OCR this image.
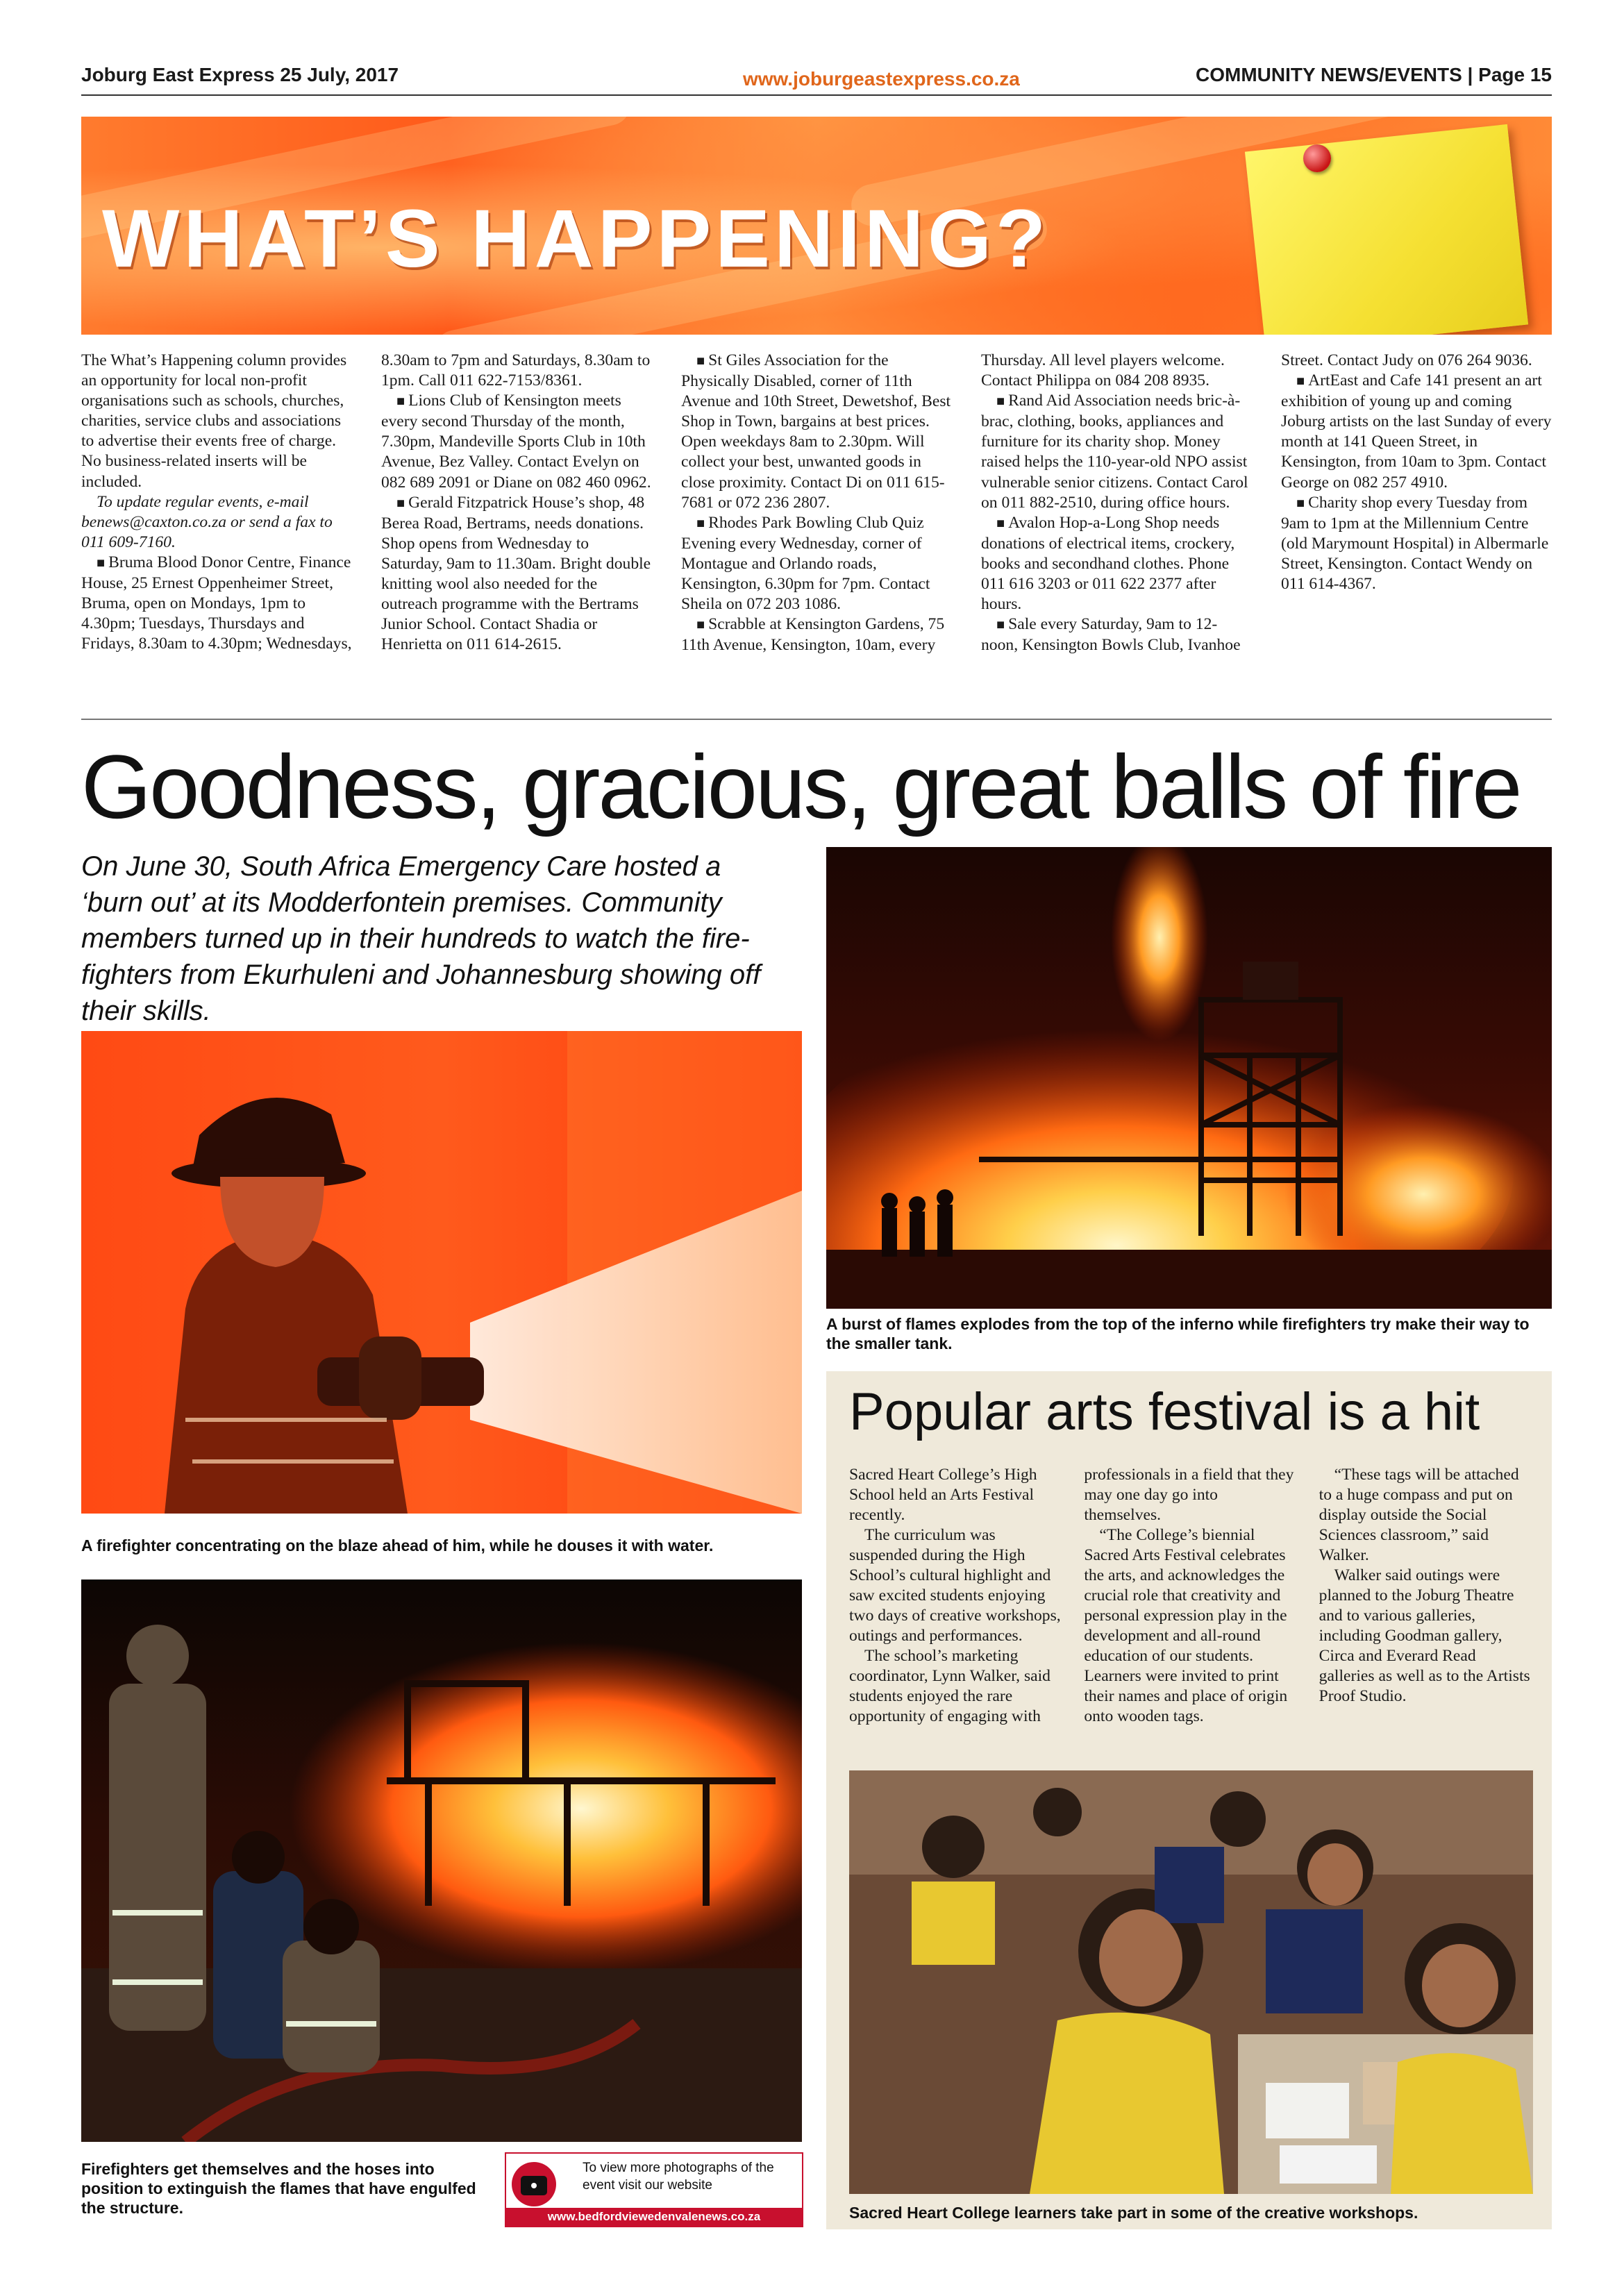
Joburg East Express 25 July, 2017	www.joburgeastexpress.co.za	COMMUNITY NEWS/EVENTS | Page 15
WHAT’S HAPPENING?

The What’s Happening column provides an opportunity for local non-profit organisations such as schools, churches, charities, service clubs and associations to advertise their events free of charge. No business-related inserts will be included.

To update regular events, e-mail benews@caxton.co.za or send a fax to 011 609-7160.

■ Bruma Blood Donor Centre, Finance House, 25 Ernest Oppenheimer Street, Bruma, open on Mondays, 1pm to 4.30pm; Tuesdays, Thursdays and Fridays, 8.30am to 4.30pm; Wednesdays, 8.30am to 7pm and Saturdays, 8.30am to 1pm. Call 011 622-7153/8361.

■ Lions Club of Kensington meets every second Thursday of the month, 7.30pm, Mandeville Sports Club in 10th Avenue, Bez Valley. Contact Evelyn on 082 689 2091 or Diane on 082 460 0962.

■ Gerald Fitzpatrick House’s shop, 48 Berea Road, Bertrams, needs donations. Shop opens from Wednesday to Saturday, 9am to 11.30am. Bright double knitting wool also needed for the outreach programme with the Bertrams Junior School. Contact Shadia or Henrietta on 011 614-2615.

■ St Giles Association for the Physically Disabled, corner of 11th Avenue and 10th Street, Dewetshof, Best Shop in Town, bargains at best prices. Open weekdays 8am to 2.30pm. Will collect your best, unwanted goods in close proximity. Contact Di on 011 615-7681 or 072 236 2807.

■ Rhodes Park Bowling Club Quiz Evening every Wednesday, corner of Montague and Orlando roads, Kensington, 6.30pm for 7pm. Contact Sheila on 072 203 1086.

■ Scrabble at Kensington Gardens, 75 11th Avenue, Kensington, 10am, every Thursday. All level players welcome. Contact Philippa on 084 208 8935.

■ Rand Aid Association needs bric-à-brac, clothing, books, appliances and furniture for its charity shop. Money raised helps the 110-year-old NPO assist vulnerable senior citizens. Contact Carol on 011 882-2510, during office hours.

■ Avalon Hop-a-Long Shop needs donations of electrical items, crockery, books and secondhand clothes. Phone 011 616 3203 or 011 622 2377 after hours.

■ Sale every Saturday, 9am to 12-noon, Kensington Bowls Club, Ivanhoe Street. Contact Judy on 076 264 9036.

■ ArtEast and Cafe 141 present an art exhibition of young up and coming Joburg artists on the last Sunday of every month at 141 Queen Street, in Kensington, from 10am to 3pm. Contact George on 082 257 4910.

■ Charity shop every Tuesday from 9am to 1pm at the Millennium Centre (old Marymount Hospital) in Albermarle Street, Kensington. Contact Wendy on 011 614-4367.

Goodness, gracious, great balls of fire
On June 30, South Africa Emergency Care hosted a ‘burn out’ at its Modderfontein premises. Community members turned up in their hundreds to watch the fire-fighters from Ekurhuleni and Johannesburg showing off their skills.
A burst of flames explodes from the top of the inferno while firefighters try make their way to the smaller tank.
A firefighter concentrating on the blaze ahead of him, while he douses it with water.
Firefighters get themselves and the hoses into position to extinguish the flames that have engulfed the structure.
To view more photographs of the event visit our website
www.bedfordviewedenvalenews.co.za
Popular arts festival is a hit

Sacred Heart College’s High School held an Arts Festival recently.

The curriculum was suspended during the High School’s cultural highlight and saw excited students enjoying two days of creative workshops, outings and performances.

The school’s marketing coordinator, Lynn Walker, said students enjoyed the rare opportunity of engaging with professionals in a field that they may one day go into themselves.

“The College’s biennial Sacred Arts Festival celebrates the arts, and acknowledges the crucial role that creativity and personal expression play in the development and all-round education of our students. Learners were invited to print their names and place of origin onto wooden tags.

“These tags will be attached to a huge compass and put on display outside the Social Sciences classroom,” said Walker.

Walker said outings were planned to the Joburg Theatre and to various galleries, including Goodman gallery, Circa and Everard Read galleries as well as to the Artists Proof Studio.

Sacred Heart College learners take part in some of the creative workshops.
